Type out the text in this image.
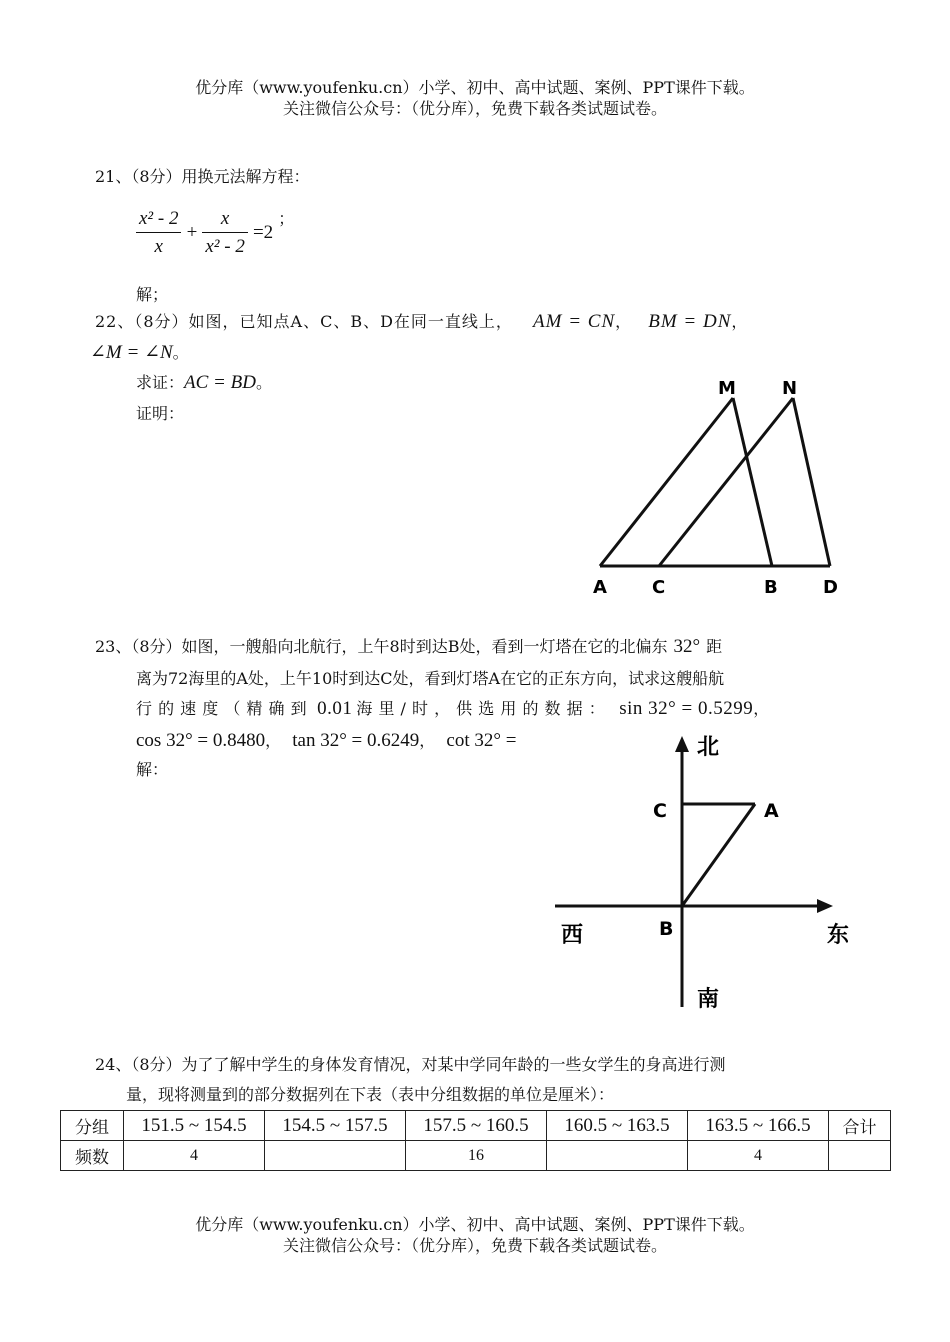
优分库（www.youfenku.cn）小学、初中、高中试题、案例、PPT课件下载。
关注微信公众号：（优分库），免费下载各类试题试卷。
21、（8分）用换元法解方程：
$\frac{\text{x² - 2}}{x} + \frac{x}{\text{x² - 2}} =2$ ；
解；
22、（8分）如图，已知点A、C、B、D在同一直线上， AM = CN， BM = DN，
∠M = ∠N。
求证：AC = BD。
证明：
M	N
A	C	B	D
23、（8分）如图，一艘船向北航行，上午8时到达B处，看到一灯塔在它的北偏东 32° 距
离为72海里的A处，上午10时到达C处，看到灯塔A在它的正东方向，试求这艘船航
行 的 速 度 （ 精 确 到 0.01 海 里 / 时 ， 供 选 用 的 数 据 ： sin 32° = 0.5299，
cos 32° = 0.8480， tan 32° = 0.6249， cot 32° =
解：
北
南
西	东
C	A
B
24、（8分）为了了解中学生的身体发育情况，对某中学同年龄的一些女学生的身高进行测
量，现将测量到的部分数据列在下表（表中分组数据的单位是厘米）：
分组	151.5 ~ 154.5	154.5 ~ 157.5	157.5 ~ 160.5	160.5 ~ 163.5	163.5 ~ 166.5	合计
频数	4		16		4	
优分库（www.youfenku.cn）小学、初中、高中试题、案例、PPT课件下载。
关注微信公众号：（优分库），免费下载各类试题试卷。
